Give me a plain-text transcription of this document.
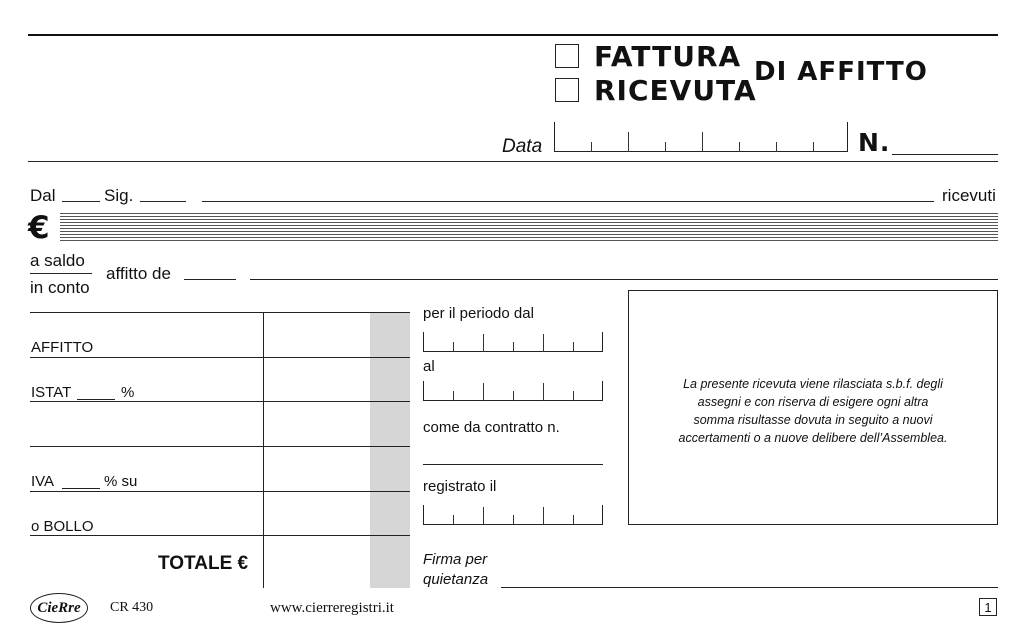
FATTURA
RICEVUTA
DI AFFITTO
Data	N.
Dal	Sig.	ricevuti
€
a saldo
in conto
affitto de
AFFITTO
ISTAT	%
IVA	% su
o BOLLO
TOTALE €
per il periodo dal
al
come da contratto n.
registrato il
Firma per
quietanza
La presente ricevuta viene rilasciata s.b.f. degli
assegni e con riserva di esigere ogni altra
somma risultasse dovuta in seguito a nuovi
accertamenti o a nuove delibere dell’Assemblea.
CieRre	CR 430	www.cierreregistri.it	1
